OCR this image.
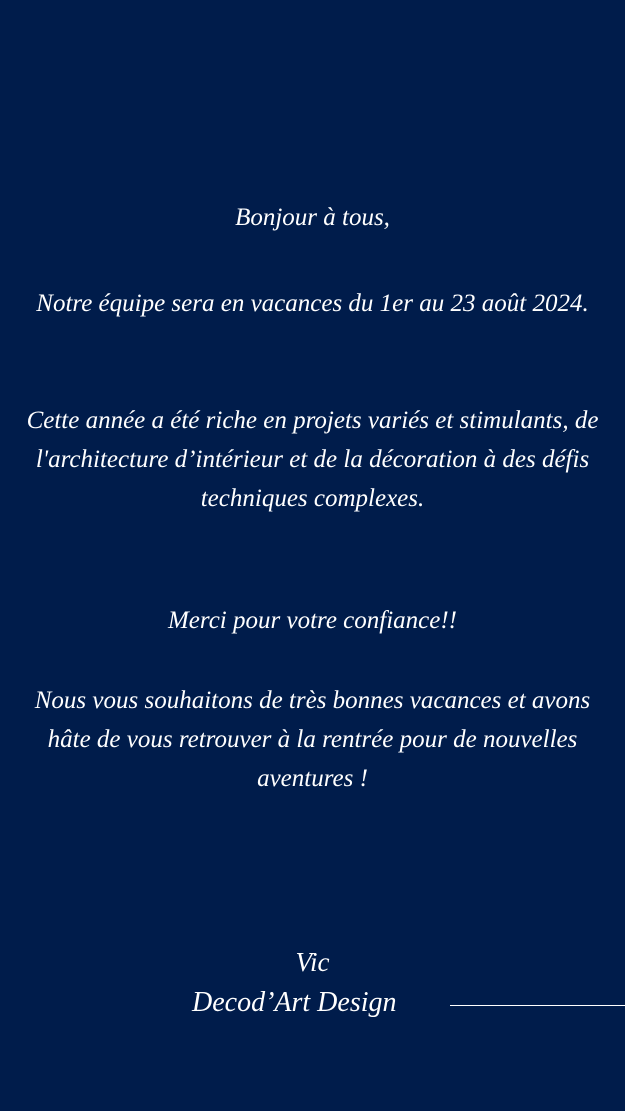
Bonjour à tous,
Notre équipe sera en vacances du 1er au 23 août 2024.
Cette année a été riche en projets variés et stimulants, de l'architecture d’intérieur et de la décoration à des défis techniques complexes.
Merci pour votre confiance!!
Nous vous souhaitons de très bonnes vacances et avons hâte de vous retrouver à la rentrée pour de nouvelles aventures !
Vic
Decod’Art Design
